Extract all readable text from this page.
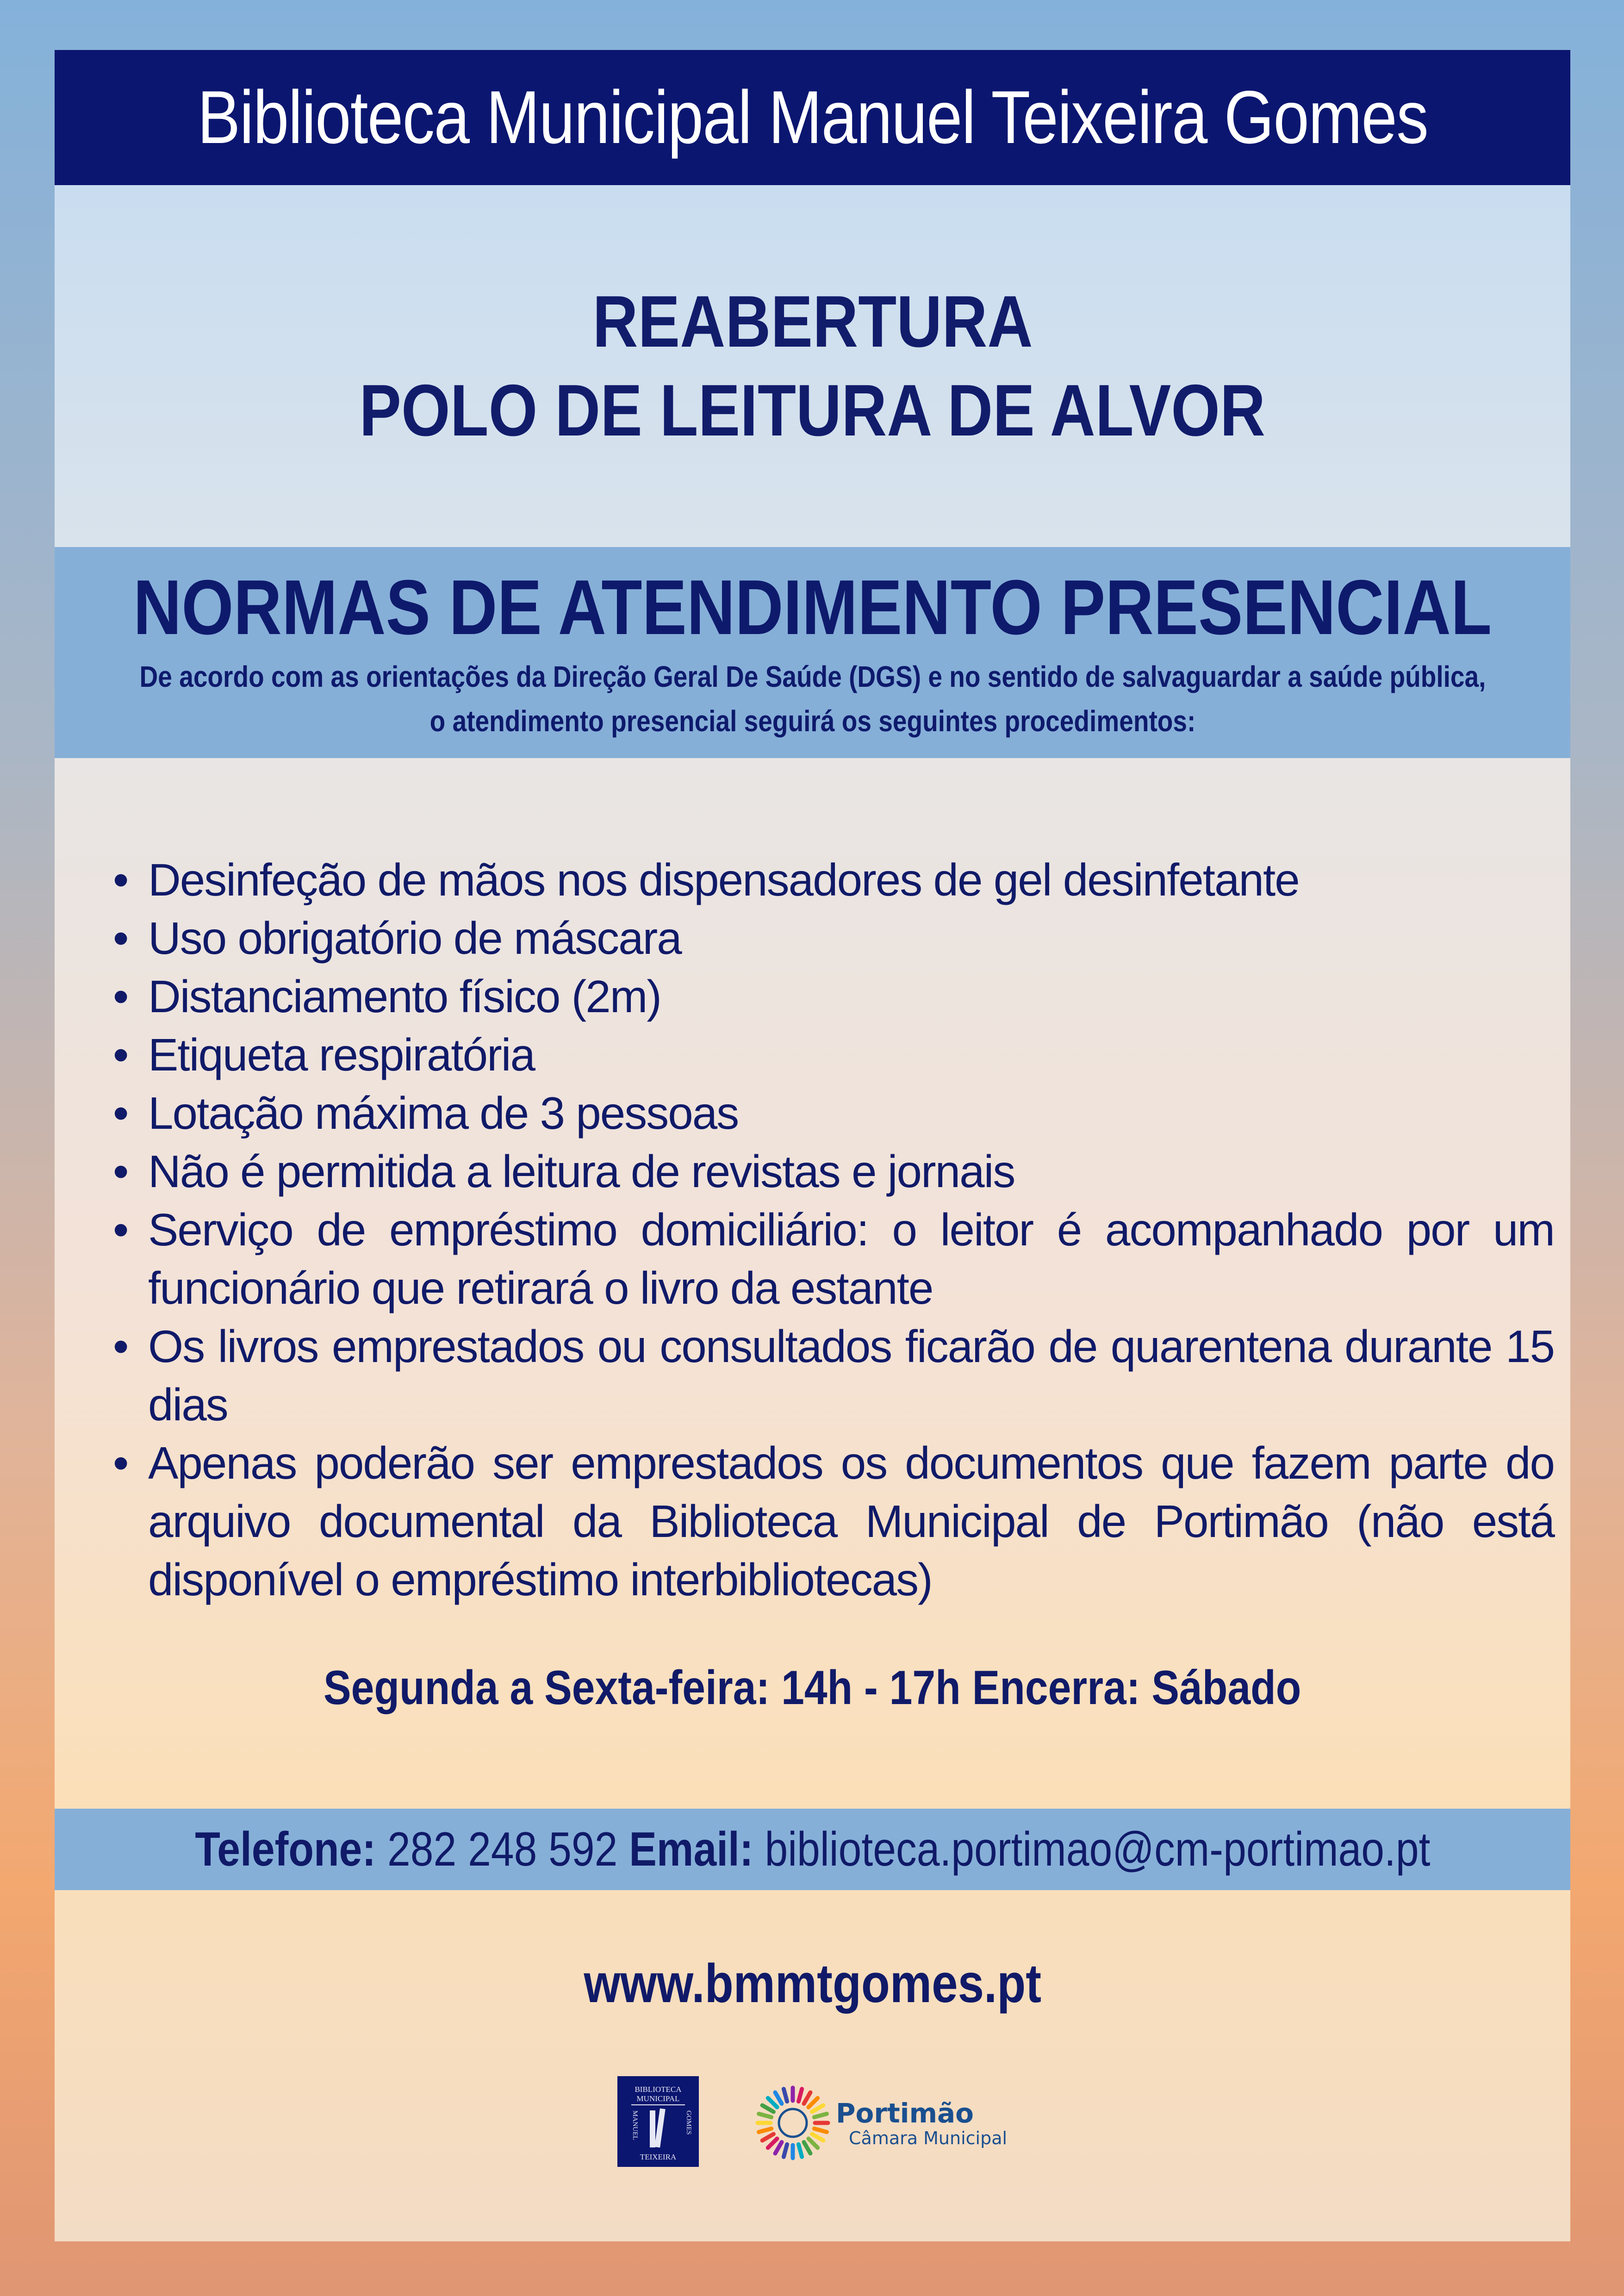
Biblioteca Municipal Manuel Teixeira Gomes
REABERTURA
POLO DE LEITURA DE ALVOR
NORMAS DE ATENDIMENTO PRESENCIAL
De acordo com as orientações da Direção Geral De Saúde (DGS) e no sentido de salvaguardar a saúde pública, o atendimento presencial seguirá os seguintes procedimentos:
• Desinfeção de mãos nos dispensadores de gel desinfetante
• Uso obrigatório de máscara
• Distanciamento físico (2m)
• Etiqueta respiratória
• Lotação máxima de 3 pessoas
• Não é permitida a leitura de revistas e jornais
• Serviço de empréstimo domiciliário: o leitor é acompanhado por um funcionário que retirará o livro da estante
• Os livros emprestados ou consultados ficarão de quarentena durante 15 dias
• Apenas poderão ser emprestados os documentos que fazem parte do arquivo documental da Biblioteca Municipal de Portimão (não está disponível o empréstimo interbibliotecas)
Segunda a Sexta-feira: 14h - 17h Encerra: Sábado
Telefone: 282 248 592 Email: biblioteca.portimao@cm-portimao.pt
www.bmmtgomes.pt
BIBLIOTECA
MUNICIPAL
MANUEL	GOMES
TEIXEIRA
Portimão
Câmara Municipal
